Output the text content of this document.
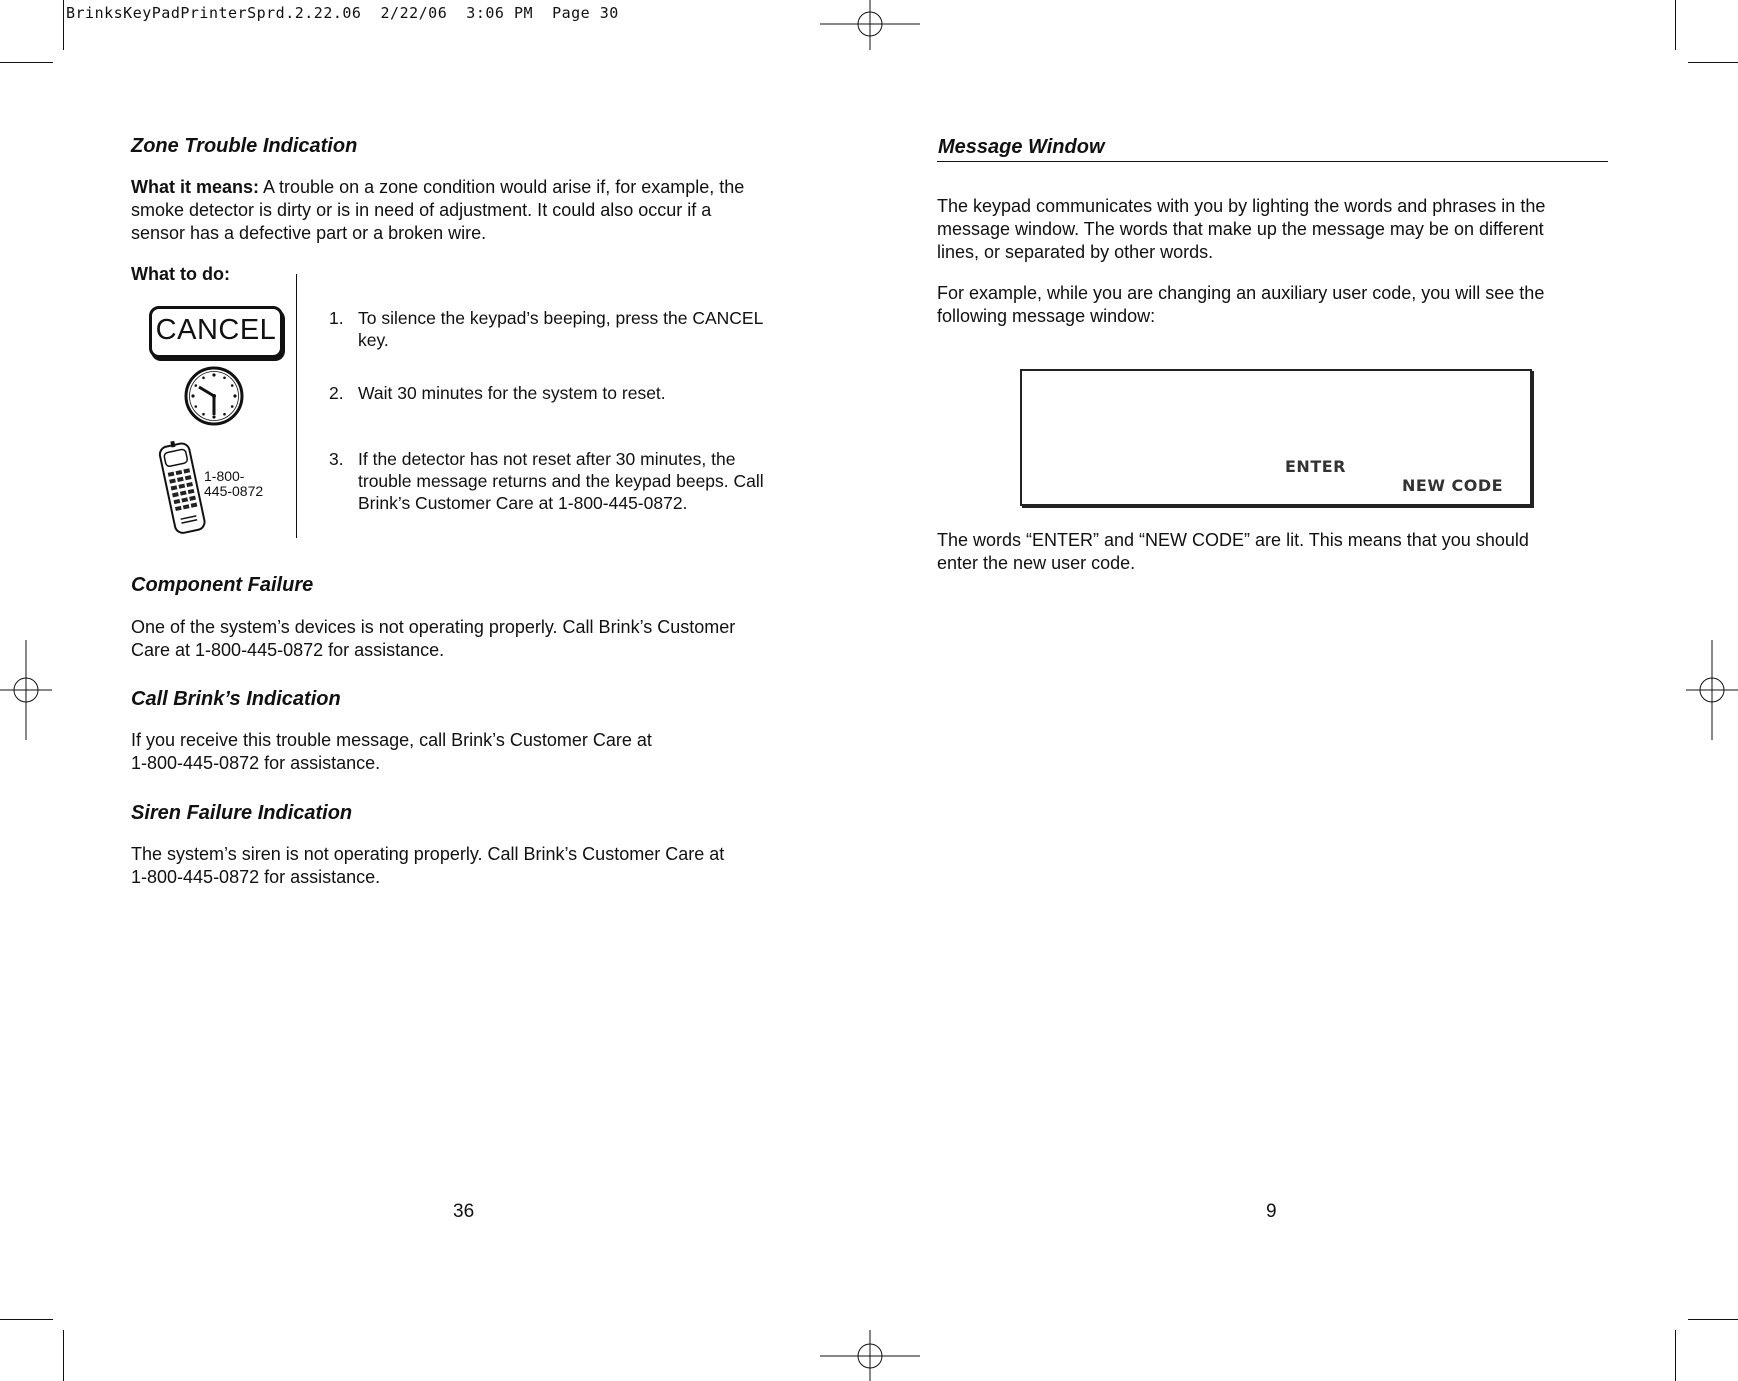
BrinksKeyPadPrinterSprd.2.22.06  2/22/06  3:06 PM  Page 30
Zone Trouble Indication
What it means: A trouble on a zone condition would arise if, for example, the
smoke detector is dirty or is in need of adjustment. It could also occur if a
sensor has a defective part or a broken wire.
What to do:
CANCEL
1-800-
445-0872
1. To silence the keypad’s beeping, press the CANCEL
key.
2. Wait 30 minutes for the system to reset.
3. If the detector has not reset after 30 minutes, the
trouble message returns and the keypad beeps. Call
Brink’s Customer Care at 1-800-445-0872.
Component Failure
One of the system’s devices is not operating properly. Call Brink’s Customer
Care at 1-800-445-0872 for assistance.
Call Brink’s Indication
If you receive this trouble message, call Brink’s Customer Care at
1-800-445-0872 for assistance.
Siren Failure Indication
The system’s siren is not operating properly. Call Brink’s Customer Care at
1-800-445-0872 for assistance.
36
Message Window
The keypad communicates with you by lighting the words and phrases in the
message window. The words that make up the message may be on different
lines, or separated by other words.
For example, while you are changing an auxiliary user code, you will see the
following message window:
ENTER
NEW CODE
The words “ENTER” and “NEW CODE” are lit. This means that you should
enter the new user code.
9
